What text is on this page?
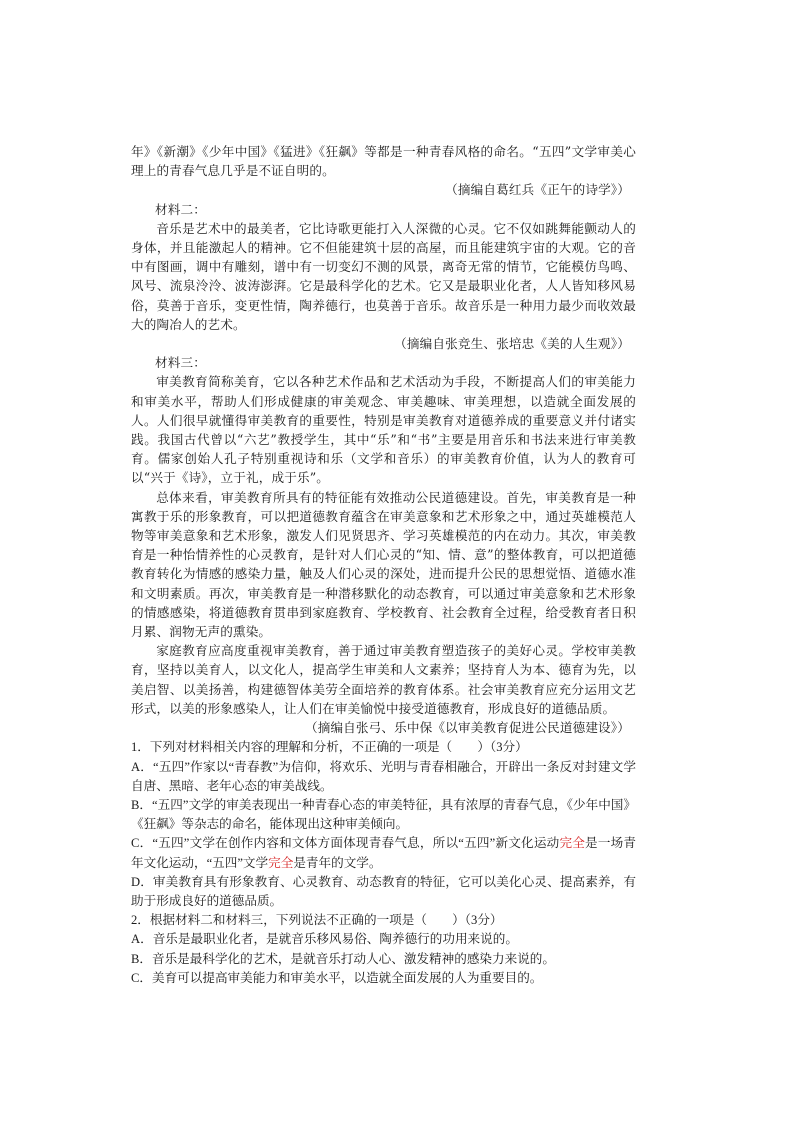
年》《新潮》《少年中国》《猛进》《狂飙》等都是一种青春风格的命名。“五四”文学审美心理上的青春气息几乎是不证自明的。

（摘编自葛红兵《正午的诗学》）

材料二：

音乐是艺术中的最美者，它比诗歌更能打入人深微的心灵。它不仅如跳舞能颤动人的身体，并且能激起人的精神。它不但能建筑十层的高屋，而且能建筑宇宙的大观。它的音中有图画，调中有雕刻，谱中有一切变幻不测的风景，离奇无常的情节，它能模仿鸟鸣、风号、流泉泠泠、波涛澎湃。它是最科学化的艺术。它又是最职业化者，人人皆知移风易俗，莫善于音乐，变更性情，陶养德行，也莫善于音乐。故音乐是一种用力最少而收效最大的陶冶人的艺术。

（摘编自张竞生、张培忠《美的人生观》）

材料三：

审美教育简称美育，它以各种艺术作品和艺术活动为手段，不断提高人们的审美能力和审美水平，帮助人们形成健康的审美观念、审美趣味、审美理想，以造就全面发展的人。人们很早就懂得审美教育的重要性，特别是审美教育对道德养成的重要意义并付诸实践。我国古代曾以“六艺”教授学生，其中“乐”和“书”主要是用音乐和书法来进行审美教育。儒家创始人孔子特别重视诗和乐（文学和音乐）的审美教育价值，认为人的教育可以“兴于《诗》，立于礼，成于乐”。

总体来看，审美教育所具有的特征能有效推动公民道德建设。首先，审美教育是一种寓教于乐的形象教育，可以把道德教育蕴含在审美意象和艺术形象之中，通过英雄模范人物等审美意象和艺术形象，激发人们见贤思齐、学习英雄模范的内在动力。其次，审美教育是一种怡情养性的心灵教育，是针对人们心灵的“知、情、意”的整体教育，可以把道德教育转化为情感的感染力量，触及人们心灵的深处，进而提升公民的思想觉悟、道德水准和文明素质。再次，审美教育是一种潜移默化的动态教育，可以通过审美意象和艺术形象的情感感染，将道德教育贯串到家庭教育、学校教育、社会教育全过程，给受教育者日积月累、润物无声的熏染。

家庭教育应高度重视审美教育，善于通过审美教育塑造孩子的美好心灵。学校审美教育，坚持以美育人，以文化人，提高学生审美和人文素养；坚持育人为本、德育为先，以美启智、以美扬善，构建德智体美劳全面培养的教育体系。社会审美教育应充分运用文艺形式，以美的形象感染人，让人们在审美愉悦中接受道德教育，形成良好的道德品质。

（摘编自张弓、乐中保《以审美教育促进公民道德建设》）

1．下列对材料相关内容的理解和分析，不正确的一项是（　　）（3分）

A．“五四”作家以“青春教”为信仰，将欢乐、光明与青春相融合，开辟出一条反对封建文学自唐、黑暗、老年心态的审美战线。

B．“五四”文学的审美表现出一种青春心态的审美特征，具有浓厚的青春气息，《少年中国》《狂飙》等杂志的命名，能体现出这种审美倾向。

C．“五四”文学在创作内容和文体方面体现青春气息，所以“五四”新文化运动完全是一场青年文化运动，“五四”文学完全是青年的文学。

D．审美教育具有形象教育、心灵教育、动态教育的特征，它可以美化心灵、提高素养，有助于形成良好的道德品质。

2．根据材料二和材料三，下列说法不正确的一项是（　　）（3分）

A．音乐是最职业化者，是就音乐移风易俗、陶养德行的功用来说的。

B．音乐是最科学化的艺术，是就音乐打动人心、激发精神的感染力来说的。

C．美育可以提高审美能力和审美水平，以造就全面发展的人为重要目的。
